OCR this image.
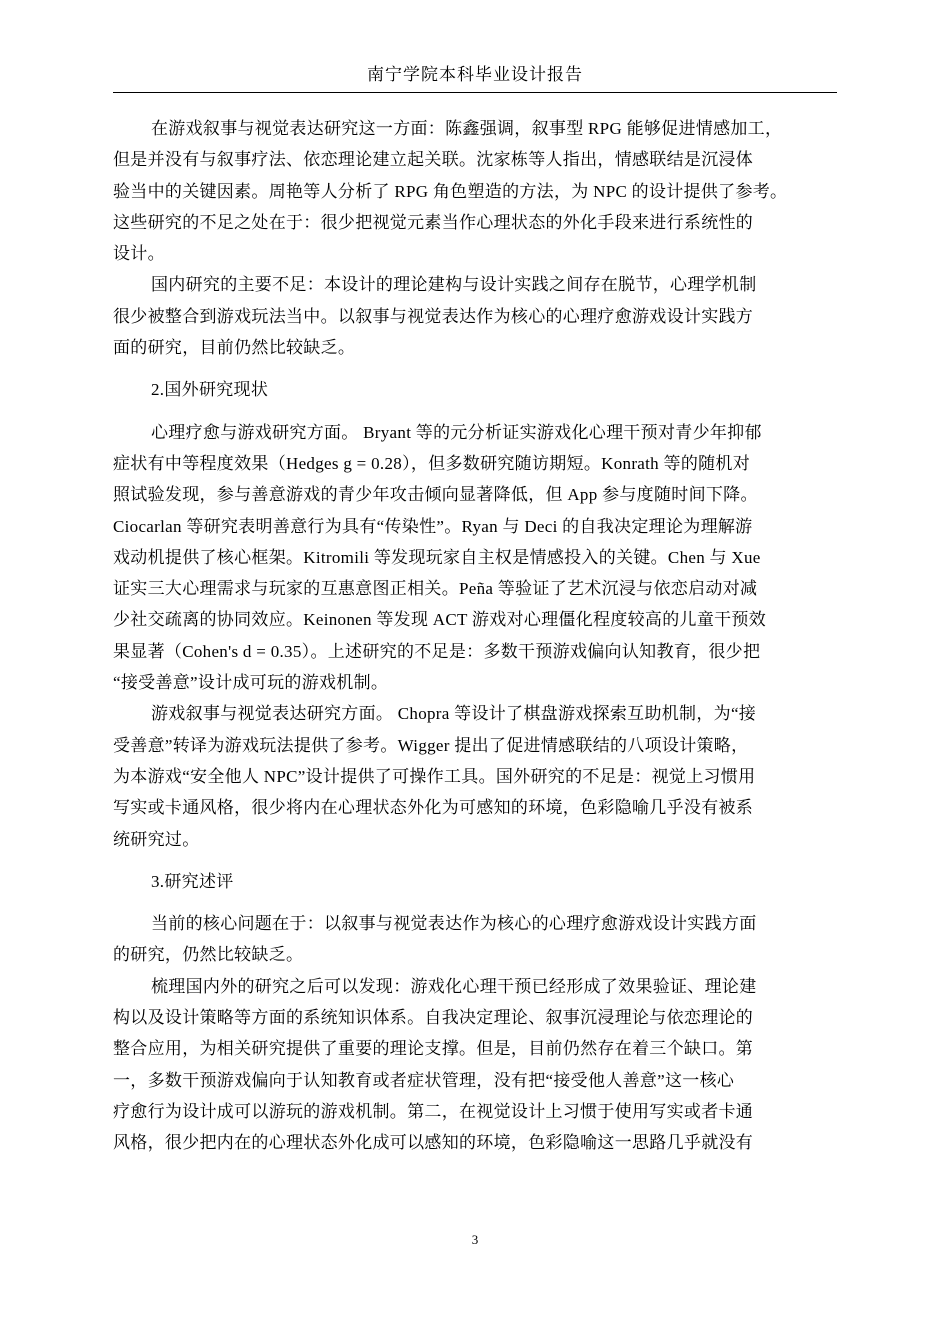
南宁学院本科毕业设计报告

在游戏叙事与视觉表达研究这一方面：陈鑫强调，叙事型 RPG 能够促进情感加工，
但是并没有与叙事疗法、依恋理论建立起关联。沈家栋等人指出，情感联结是沉浸体
验当中的关键因素。周艳等人分析了 RPG 角色塑造的方法，为 NPC 的设计提供了参考。
这些研究的不足之处在于：很少把视觉元素当作心理状态的外化手段来进行系统性的
设计。

国内研究的主要不足：本设计的理论建构与设计实践之间存在脱节，心理学机制
很少被整合到游戏玩法当中。以叙事与视觉表达作为核心的心理疗愈游戏设计实践方
面的研究，目前仍然比较缺乏。

2.国外研究现状

心理疗愈与游戏研究方面。 Bryant 等的元分析证实游戏化心理干预对青少年抑郁
症状有中等程度效果（Hedges g = 0.28），但多数研究随访期短。Konrath 等的随机对
照试验发现，参与善意游戏的青少年攻击倾向显著降低，但 App 参与度随时间下降。
Ciocarlan 等研究表明善意行为具有“传染性”。Ryan 与 Deci 的自我决定理论为理解游
戏动机提供了核心框架。Kitromili 等发现玩家自主权是情感投入的关键。Chen 与 Xue
证实三大心理需求与玩家的互惠意图正相关。Peña 等验证了艺术沉浸与依恋启动对减
少社交疏离的协同效应。Keinonen 等发现 ACT 游戏对心理僵化程度较高的儿童干预效
果显著（Cohen's d = 0.35）。上述研究的不足是：多数干预游戏偏向认知教育，很少把
“接受善意”设计成可玩的游戏机制。

游戏叙事与视觉表达研究方面。 Chopra 等设计了棋盘游戏探索互助机制，为“接
受善意”转译为游戏玩法提供了参考。Wigger 提出了促进情感联结的八项设计策略，
为本游戏“安全他人 NPC”设计提供了可操作工具。国外研究的不足是：视觉上习惯用
写实或卡通风格，很少将内在心理状态外化为可感知的环境，色彩隐喻几乎没有被系
统研究过。

3.研究述评

当前的核心问题在于：以叙事与视觉表达作为核心的心理疗愈游戏设计实践方面
的研究，仍然比较缺乏。

梳理国内外的研究之后可以发现：游戏化心理干预已经形成了效果验证、理论建
构以及设计策略等方面的系统知识体系。自我决定理论、叙事沉浸理论与依恋理论的
整合应用，为相关研究提供了重要的理论支撑。但是，目前仍然存在着三个缺口。第
一，多数干预游戏偏向于认知教育或者症状管理，没有把“接受他人善意”这一核心
疗愈行为设计成可以游玩的游戏机制。第二，在视觉设计上习惯于使用写实或者卡通
风格，很少把内在的心理状态外化成可以感知的环境，色彩隐喻这一思路几乎就没有

3
